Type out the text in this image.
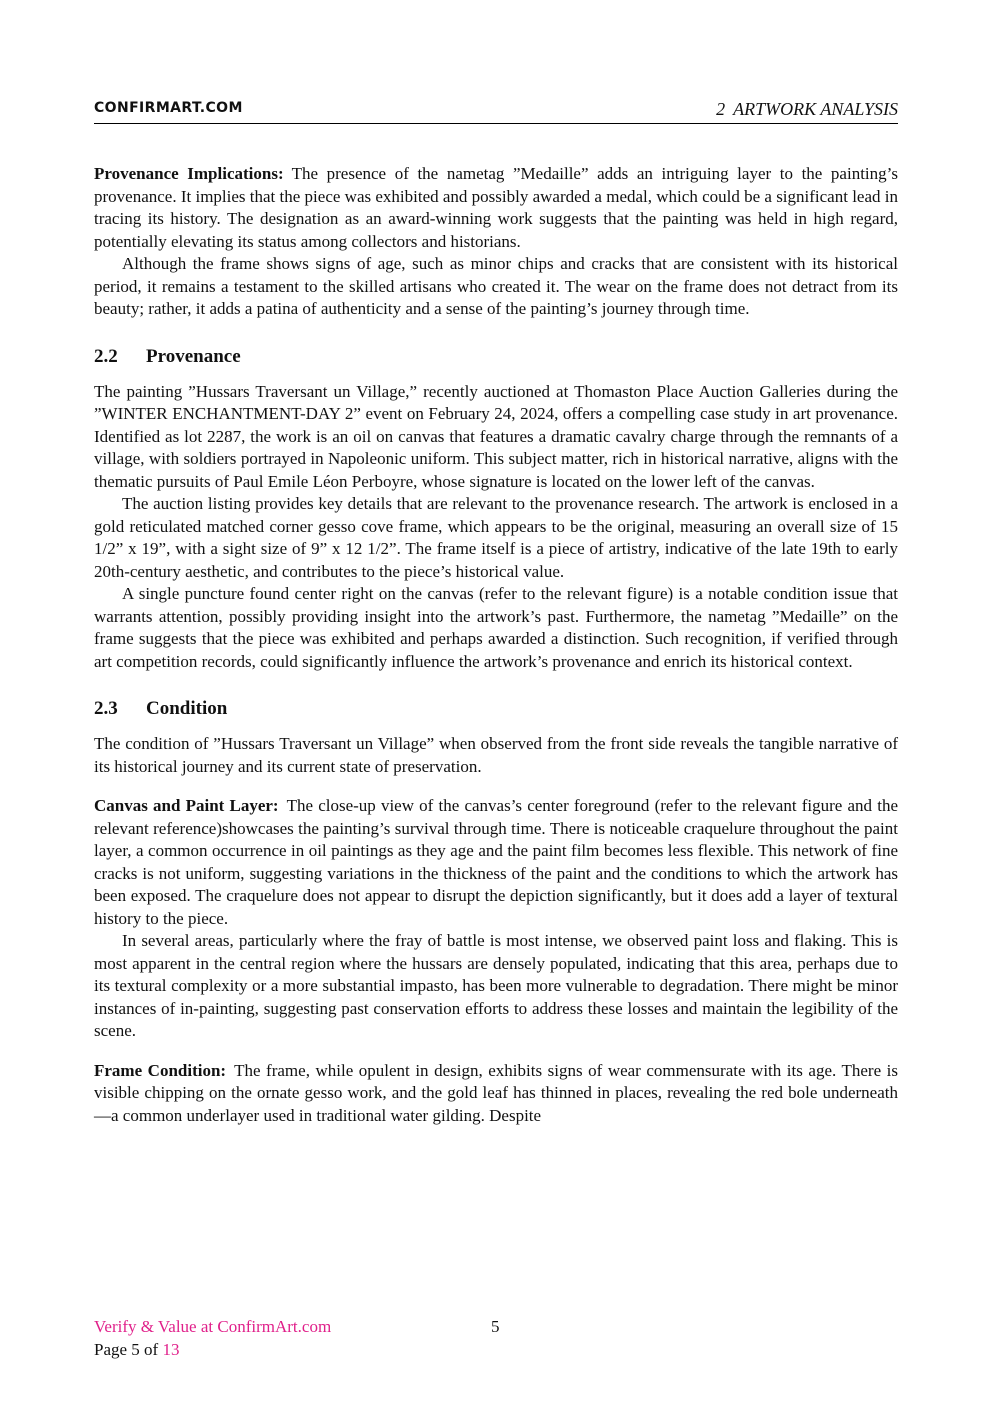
CONFIRMART.COM	2 ARTWORK ANALYSIS

Provenance Implications: The presence of the nametag ”Medaille” adds an intriguing layer to the painting’s provenance. It implies that the piece was exhibited and possibly awarded a medal, which could be a significant lead in tracing its history. The designation as an award-winning work suggests that the painting was held in high regard, potentially elevating its status among collectors and historians.

Although the frame shows signs of age, such as minor chips and cracks that are consistent with its historical period, it remains a testament to the skilled artisans who created it. The wear on the frame does not detract from its beauty; rather, it adds a patina of authenticity and a sense of the painting’s journey through time.

2.2 Provenance

The painting ”Hussars Traversant un Village,” recently auctioned at Thomaston Place Auction Galleries during the ”WINTER ENCHANTMENT-DAY 2” event on February 24, 2024, offers a compelling case study in art provenance. Identified as lot 2287, the work is an oil on canvas that features a dramatic cavalry charge through the remnants of a village, with soldiers portrayed in Napoleonic uniform. This subject matter, rich in historical narrative, aligns with the thematic pursuits of Paul Emile Léon Perboyre, whose signature is located on the lower left of the canvas.

The auction listing provides key details that are relevant to the provenance research. The artwork is enclosed in a gold reticulated matched corner gesso cove frame, which appears to be the original, measuring an overall size of 15 1/2” x 19”, with a sight size of 9” x 12 1/2”. The frame itself is a piece of artistry, indicative of the late 19th to early 20th-century aesthetic, and contributes to the piece’s historical value.

A single puncture found center right on the canvas (refer to the relevant figure) is a notable condition issue that warrants attention, possibly providing insight into the artwork’s past. Furthermore, the nametag ”Medaille” on the frame suggests that the piece was exhibited and perhaps awarded a distinction. Such recognition, if verified through art competition records, could significantly influence the artwork’s provenance and enrich its historical context.

2.3 Condition

The condition of ”Hussars Traversant un Village” when observed from the front side reveals the tangible narrative of its historical journey and its current state of preservation.

Canvas and Paint Layer: The close-up view of the canvas’s center foreground (refer to the relevant figure and the relevant reference)showcases the painting’s survival through time. There is noticeable craquelure throughout the paint layer, a common occurrence in oil paintings as they age and the paint film becomes less flexible. This network of fine cracks is not uniform, suggesting variations in the thickness of the paint and the conditions to which the artwork has been exposed. The craquelure does not appear to disrupt the depiction significantly, but it does add a layer of textural history to the piece.

In several areas, particularly where the fray of battle is most intense, we observed paint loss and flaking. This is most apparent in the central region where the hussars are densely populated, indicating that this area, perhaps due to its textural complexity or a more substantial impasto, has been more vulnerable to degradation. There might be minor instances of in-painting, suggesting past conservation efforts to address these losses and maintain the legibility of the scene.

Frame Condition: The frame, while opulent in design, exhibits signs of wear commensurate with its age. There is visible chipping on the ornate gesso work, and the gold leaf has thinned in places, revealing the red bole underneath—a common underlayer used in traditional water gilding. Despite

Verify & Value at ConfirmArt.com
Page 5 of 13
5
